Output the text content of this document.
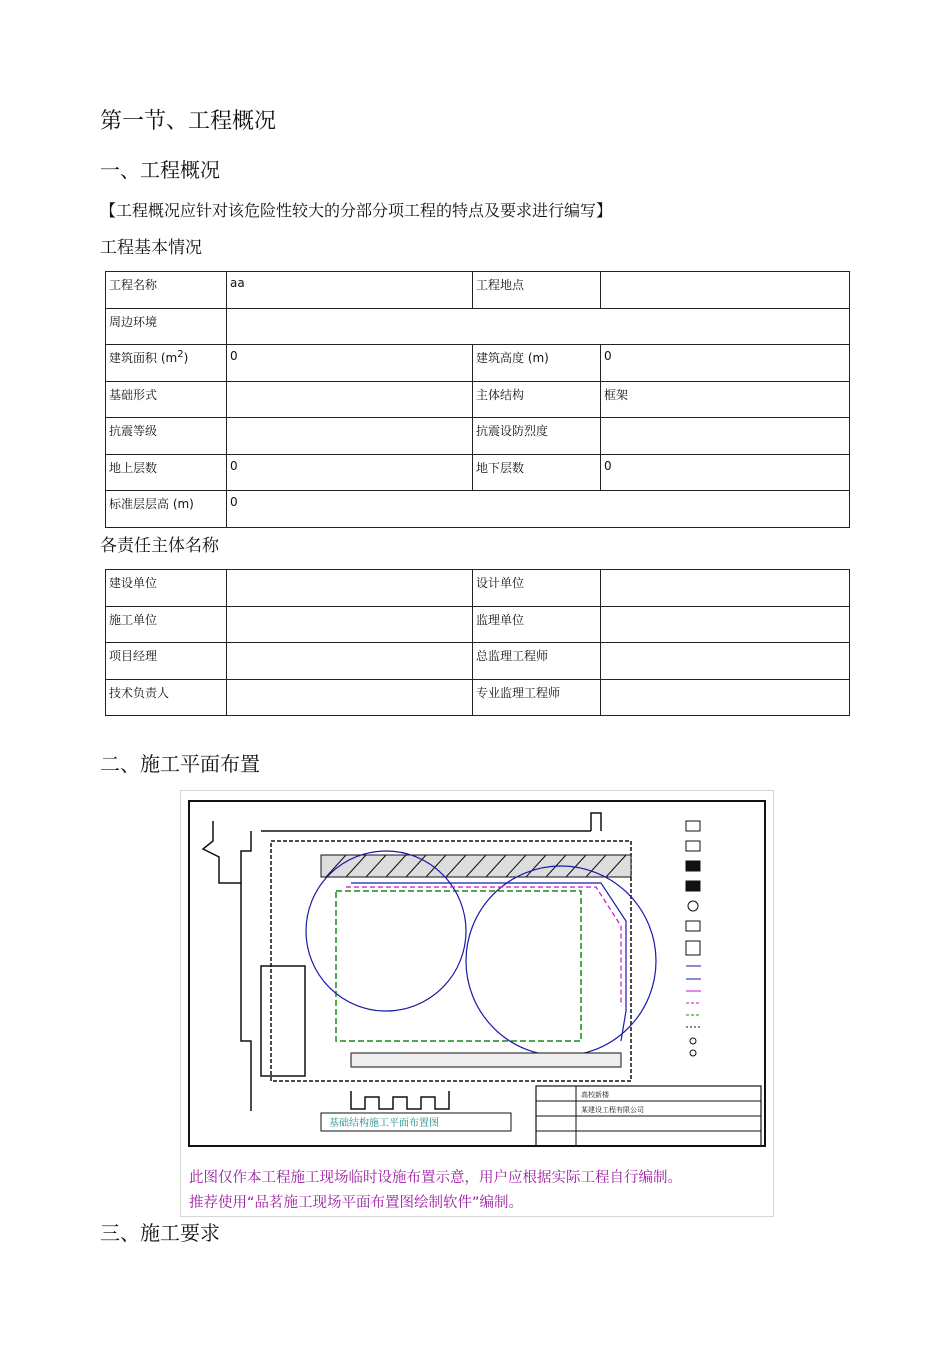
第一节、工程概况
一、工程概况
【工程概况应针对该危险性较大的分部分项工程的特点及要求进行编写】
工程基本情况
工程名称	aa	工程地点	
周边环境			
建筑面积 $(m^2)$	0	建筑高度 (m)	0
基础形式		主体结构	框架
抗震等级		抗震设防烈度	
地上层数	0	地下层数	0
标准层层高 (m)	0		
各责任主体名称
建设单位		设计单位	
施工单位		监理单位	
项目经理		总监理工程师	
技术负责人		专业监理工程师	
二、施工平面布置
高校新楼
某建设工程有限公司
基础结构施工平面布置图
此图仅作本工程施工现场临时设施布置示意，用户应根据实际工程自行编制。
推荐使用“品茗施工现场平面布置图绘制软件”编制。
三、施工要求
